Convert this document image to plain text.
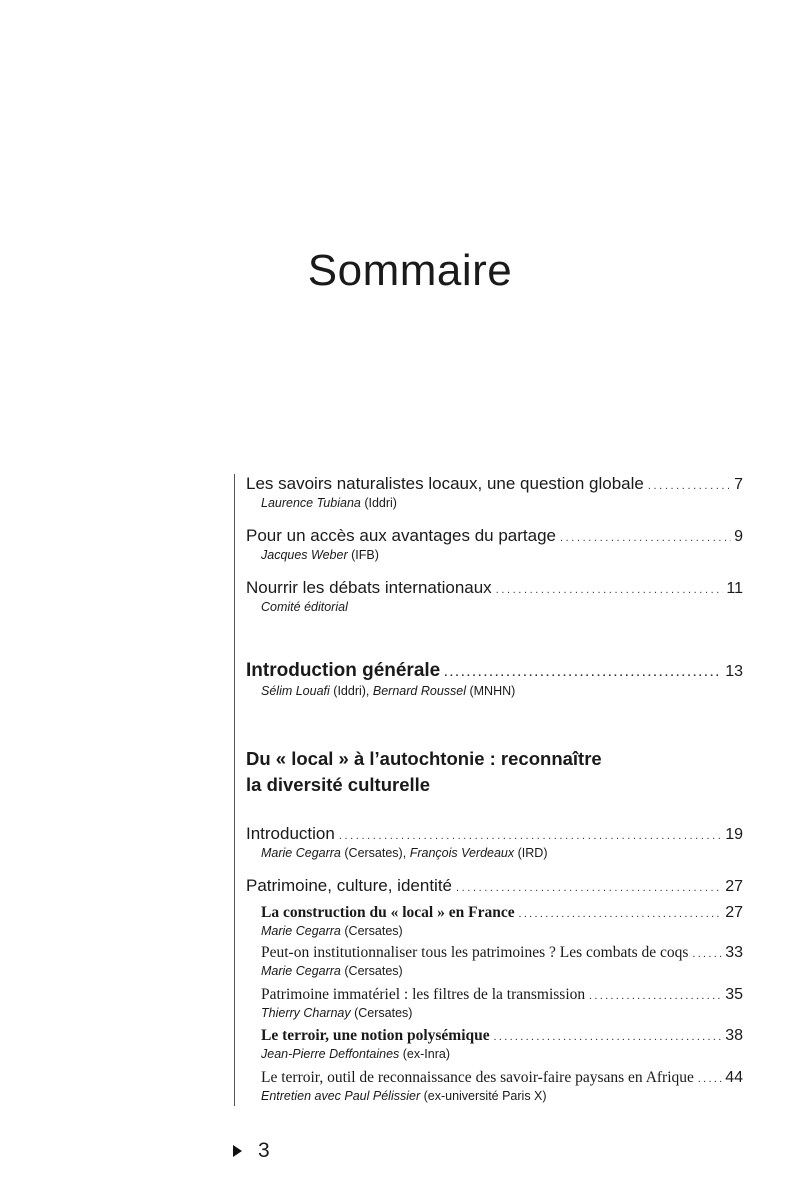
Sommaire
Les savoirs naturalistes locaux, une question globale .....	7
Laurence Tubiana (Iddri)
Pour un accès aux avantages du partage .....	9
Jacques Weber (IFB)
Nourrir les débats internationaux .....	11
Comité éditorial
Introduction générale .....	13
Sélim Louafi (Iddri), Bernard Roussel (MNHN)
Du « local » à l’autochtonie : reconnaître
la diversité culturelle
Introduction .....	19
Marie Cegarra (Cersates), François Verdeaux (IRD)
Patrimoine, culture, identité .....	27
La construction du « local » en France .....	27
Marie Cegarra (Cersates)
Peut-on institutionnaliser tous les patrimoines ? Les combats de coqs ..... 33
Marie Cegarra (Cersates)
Patrimoine immatériel : les filtres de la transmission .....	35
Thierry Charnay (Cersates)
Le terroir, une notion polysémique .....	38
Jean-Pierre Deffontaines (ex-Inra)
Le terroir, outil de reconnaissance des savoir-faire paysans en Afrique ..... 44
Entretien avec Paul Pélissier (ex-université Paris X)
3
